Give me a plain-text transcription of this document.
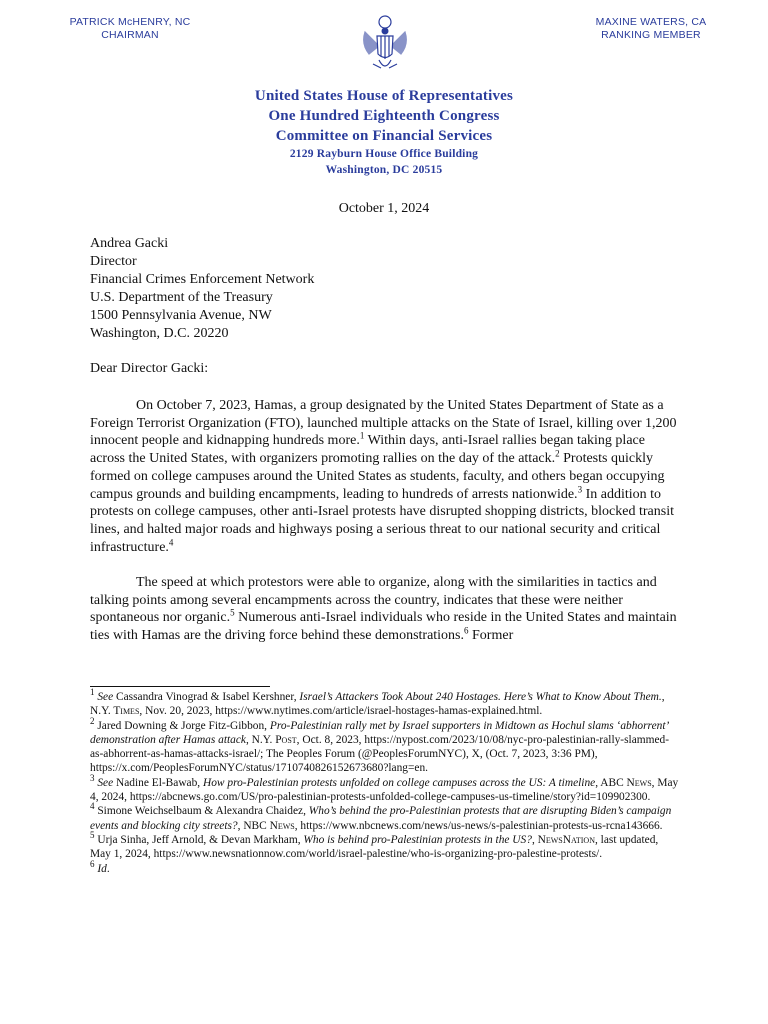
PATRICK McHENRY, NC
CHAIRMAN
MAXINE WATERS, CA
RANKING MEMBER
United States House of Representatives
One Hundred Eighteenth Congress
Committee on Financial Services
2129 Rayburn House Office Building
Washington, DC 20515
October 1, 2024
Andrea Gacki
Director
Financial Crimes Enforcement Network
U.S. Department of the Treasury
1500 Pennsylvania Avenue, NW
Washington, D.C. 20220
Dear Director Gacki:

On October 7, 2023, Hamas, a group designated by the United States Department of State as a Foreign Terrorist Organization (FTO), launched multiple attacks on the State of Israel, killing over 1,200 innocent people and kidnapping hundreds more.$^1$ Within days, anti-Israel rallies began taking place across the United States, with organizers promoting rallies on the day of the attack.$^2$ Protests quickly formed on college campuses around the United States as students, faculty, and others began occupying campus grounds and building encampments, leading to hundreds of arrests nationwide.$^3$ In addition to protests on college campuses, other anti-Israel protests have disrupted shopping districts, blocked transit lines, and halted major roads and highways posing a serious threat to our national security and critical infrastructure.$^4$

The speed at which protestors were able to organize, along with the similarities in tactics and talking points among several encampments across the country, indicates that these were neither spontaneous nor organic.$^5$ Numerous anti-Israel individuals who reside in the United States and maintain ties with Hamas are the driving force behind these demonstrations.$^6$ Former

$^1$ See Cassandra Vinograd & Isabel Kershner, Israel’s Attackers Took About 240 Hostages. Here’s What to Know About Them., N.Y. Times, Nov. 20, 2023, https://www.nytimes.com/article/israel-hostages-hamas-explained.html.

$^2$ Jared Downing & Jorge Fitz-Gibbon, Pro-Palestinian rally met by Israel supporters in Midtown as Hochul slams ‘abhorrent’ demonstration after Hamas attack, N.Y. Post, Oct. 8, 2023, https://nypost.com/2023/10/08/nyc-pro-palestinian-rally-slammed-as-abhorrent-as-hamas-attacks-israel/; The Peoples Forum (@PeoplesForumNYC), X, (Oct. 7, 2023, 3:36 PM), https://x.com/PeoplesForumNYC/status/1710740826152673680?lang=en.

$^3$ See Nadine El-Bawab, How pro-Palestinian protests unfolded on college campuses across the US: A timeline, ABC News, May 4, 2024, https://abcnews.go.com/US/pro-palestinian-protests-unfolded-college-campuses-us-timeline/story?id=109902300.

$^4$ Simone Weichselbaum & Alexandra Chaidez, Who’s behind the pro-Palestinian protests that are disrupting Biden’s campaign events and blocking city streets?, NBC News, https://www.nbcnews.com/news/us-news/s-palestinian-protests-us-rcna143666.

$^5$ Urja Sinha, Jeff Arnold, & Devan Markham, Who is behind pro-Palestinian protests in the US?, NewsNation, last updated, May 1, 2024, https://www.newsnationnow.com/world/israel-palestine/who-is-organizing-pro-palestine-protests/.

$^6$ Id.
